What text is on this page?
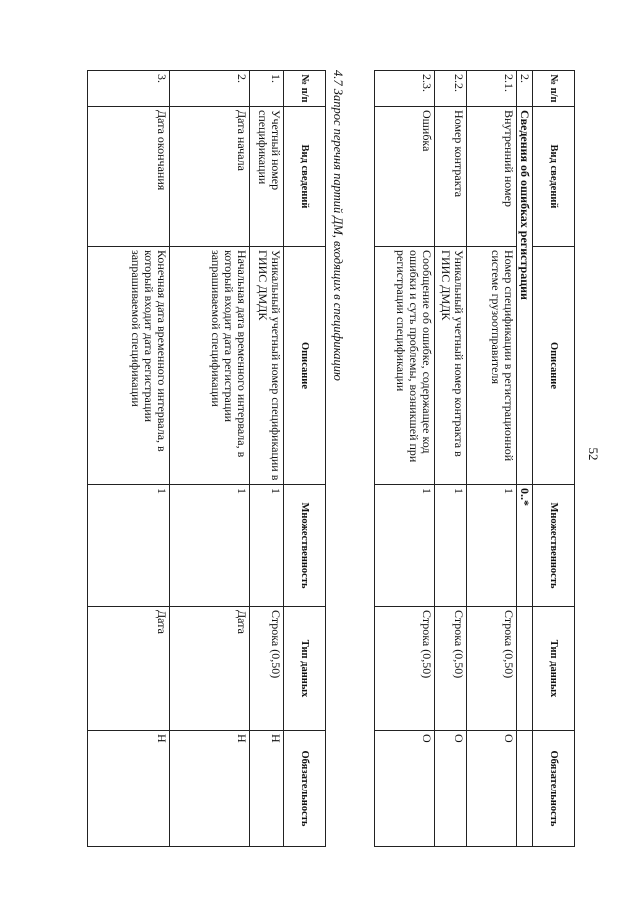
52
№ п/п	Вид сведений	Описание	Множественность	Тип данных	Обязательность
2.	Сведения об ошибках регистрации		0..*		
2.1.	Внутренний номер	Номер спецификации в регистрационной системе грузоотправителя	1	Строка (0,50)	О
2.2.	Номер контракта	Уникальный учетный номер контракта в ГИИС ДМДК	1	Строка (0,50)	О
2.3.	Ошибка	Сообщение об ошибке, содержащее код ошибки и суть проблемы, возникшей при регистрации спецификации	1	Строка (0,50)	О
4.7 Запрос перечня партий ДМ, входящих в спецификацию
№ п/п	Вид сведений	Описание	Множественность	Тип данных	Обязательность
1.	Учетный номер спецификации	Уникальный учетный номер спецификации в ГИИС ДМДК	1	Строка (0,50)	Н
2.	Дата начала	Начальная дата временного интервала, в который входит дата регистрации запрашиваемой спецификации	1	Дата	Н
3.	Дата окончания	Конечная дата временного интервала, в который входит дата регистрации запрашиваемой спецификации	1	Дата	Н
